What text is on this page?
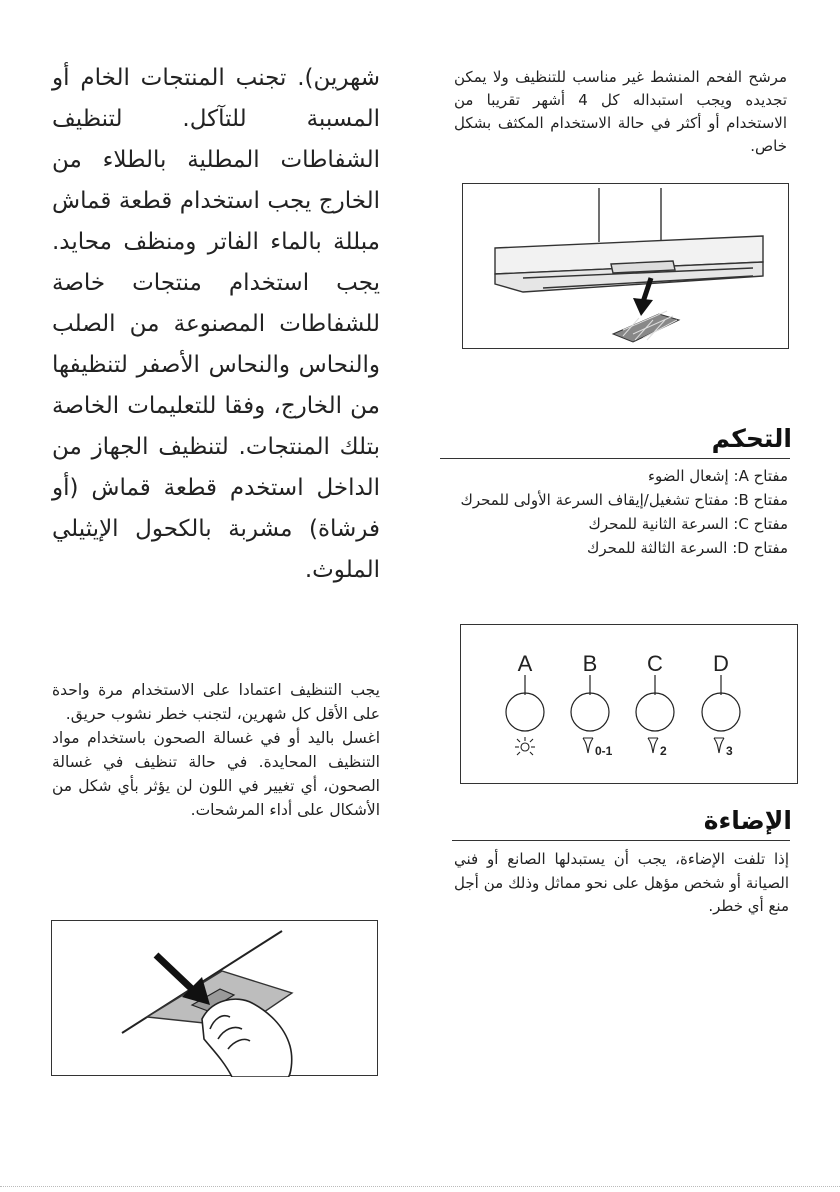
شهرين). تجنب المنتجات الخام أو المسببة للتآكل. لتنظيف الشفاطات المطلية بالطلاء من الخارج يجب استخدام قطعة قماش مبللة بالماء الفاتر ومنظف محايد. يجب استخدام منتجات خاصة للشفاطات المصنوعة من الصلب والنحاس والنحاس الأصفر لتنظيفها من الخارج، وفقا للتعليمات الخاصة بتلك المنتجات. لتنظيف الجهاز من الداخل استخدم قطعة قماش (أو فرشاة) مشربة بالكحول الإيثيلي الملوث.

يجب التنظيف اعتمادا على الاستخدام مرة واحدة على الأقل كل شهرين، لتجنب خطر نشوب حريق.

اغسل باليد أو في غسالة الصحون باستخدام مواد التنظيف المحايدة. في حالة تنظيف في غسالة الصحون، أي تغيير في اللون لن يؤثر بأي شكل من الأشكال على أداء المرشحات.

مرشح الفحم المنشط غير مناسب للتنظيف ولا يمكن تجديده ويجب استبداله كل 4 أشهر تقريبا من الاستخدام أو أكثر في حالة الاستخدام المكثف بشكل خاص.

التحكم

مفتاح A: إشعال الضوء

مفتاح B: مفتاح تشغيل/إيقاف السرعة الأولى للمحرك

مفتاح C: السرعة الثانية للمحرك

مفتاح D: السرعة الثالثة للمحرك

A B
0-1
C
2
D
3
الإضاءة

إذا تلفت الإضاءة، يجب أن يستبدلها الصانع أو فني الصيانة أو شخص مؤهل على نحو مماثل وذلك من أجل منع أي خطر.
